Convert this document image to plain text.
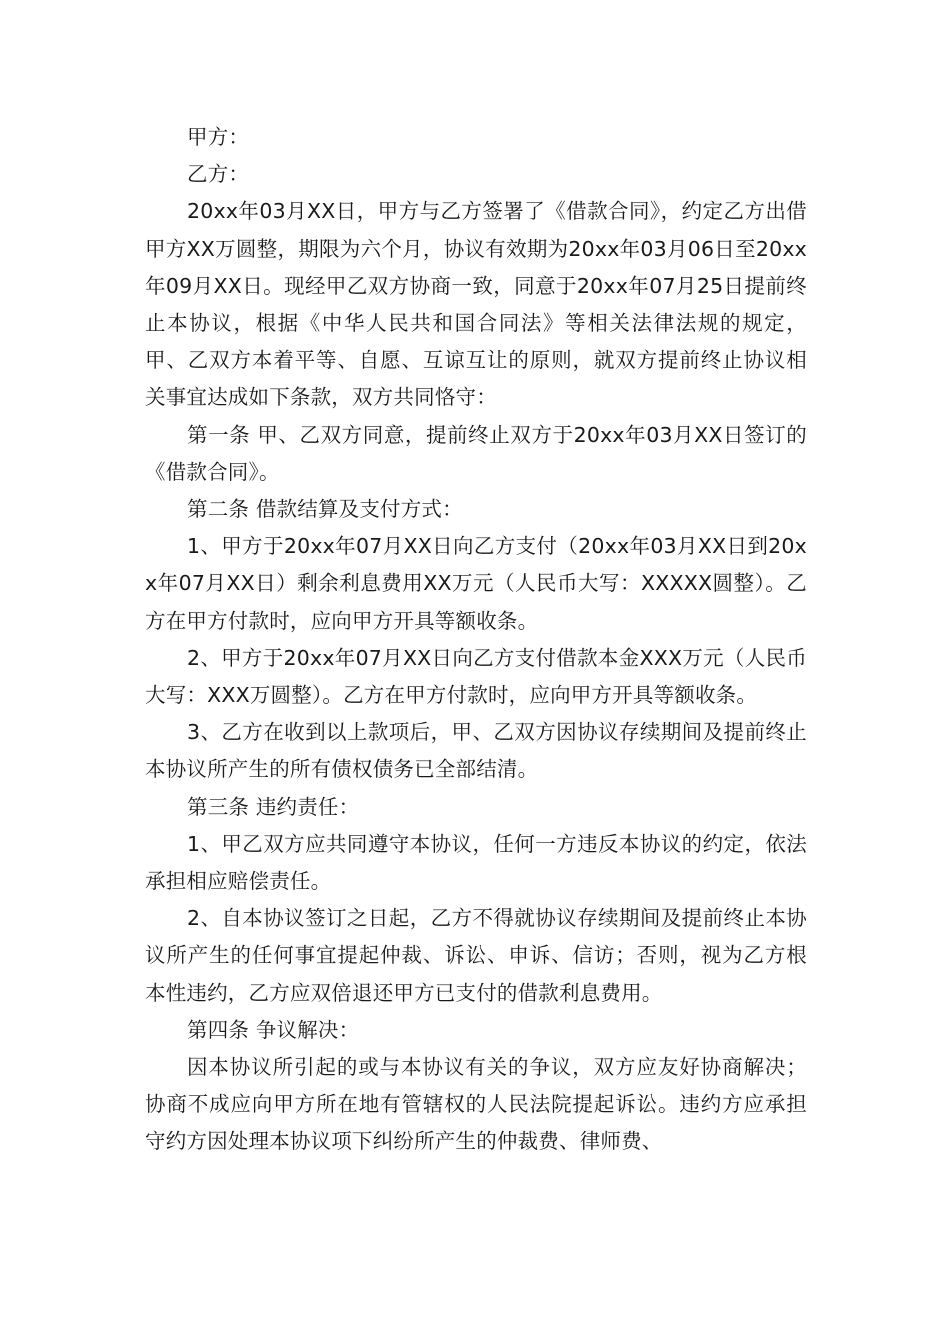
甲方：

乙方：

20xx年03月XX日，甲方与乙方签署了《借款合同》，约定乙方出借甲方XX万圆整，期限为六个月，协议有效期为20xx年03月06日至20xx年09月XX日。现经甲乙双方协商一致，同意于20xx年07月25日提前终止本协议，根据《中华人民共和国合同法》等相关法律法规的规定，甲、乙双方本着平等、自愿、互谅互让的原则，就双方提前终止协议相关事宜达成如下条款，双方共同恪守：

第一条 甲、乙双方同意，提前终止双方于20xx年03月XX日签订的《借款合同》。

第二条 借款结算及支付方式：

1、甲方于20xx年07月XX日向乙方支付（20xx年03月XX日到20xx年07月XX日）剩余利息费用XX万元（人民币大写：XXXXX圆整）。乙方在甲方付款时，应向甲方开具等额收条。

2、甲方于20xx年07月XX日向乙方支付借款本金XXX万元（人民币大写：XXX万圆整）。乙方在甲方付款时，应向甲方开具等额收条。

3、乙方在收到以上款项后，甲、乙双方因协议存续期间及提前终止本协议所产生的所有债权债务已全部结清。

第三条 违约责任：

1、甲乙双方应共同遵守本协议，任何一方违反本协议的约定，依法承担相应赔偿责任。

2、自本协议签订之日起，乙方不得就协议存续期间及提前终止本协议所产生的任何事宜提起仲裁、诉讼、申诉、信访；否则，视为乙方根本性违约，乙方应双倍退还甲方已支付的借款利息费用。

第四条 争议解决：

因本协议所引起的或与本协议有关的争议，双方应友好协商解决；协商不成应向甲方所在地有管辖权的人民法院提起诉讼。违约方应承担守约方因处理本协议项下纠纷所产生的仲裁费、律师费、
